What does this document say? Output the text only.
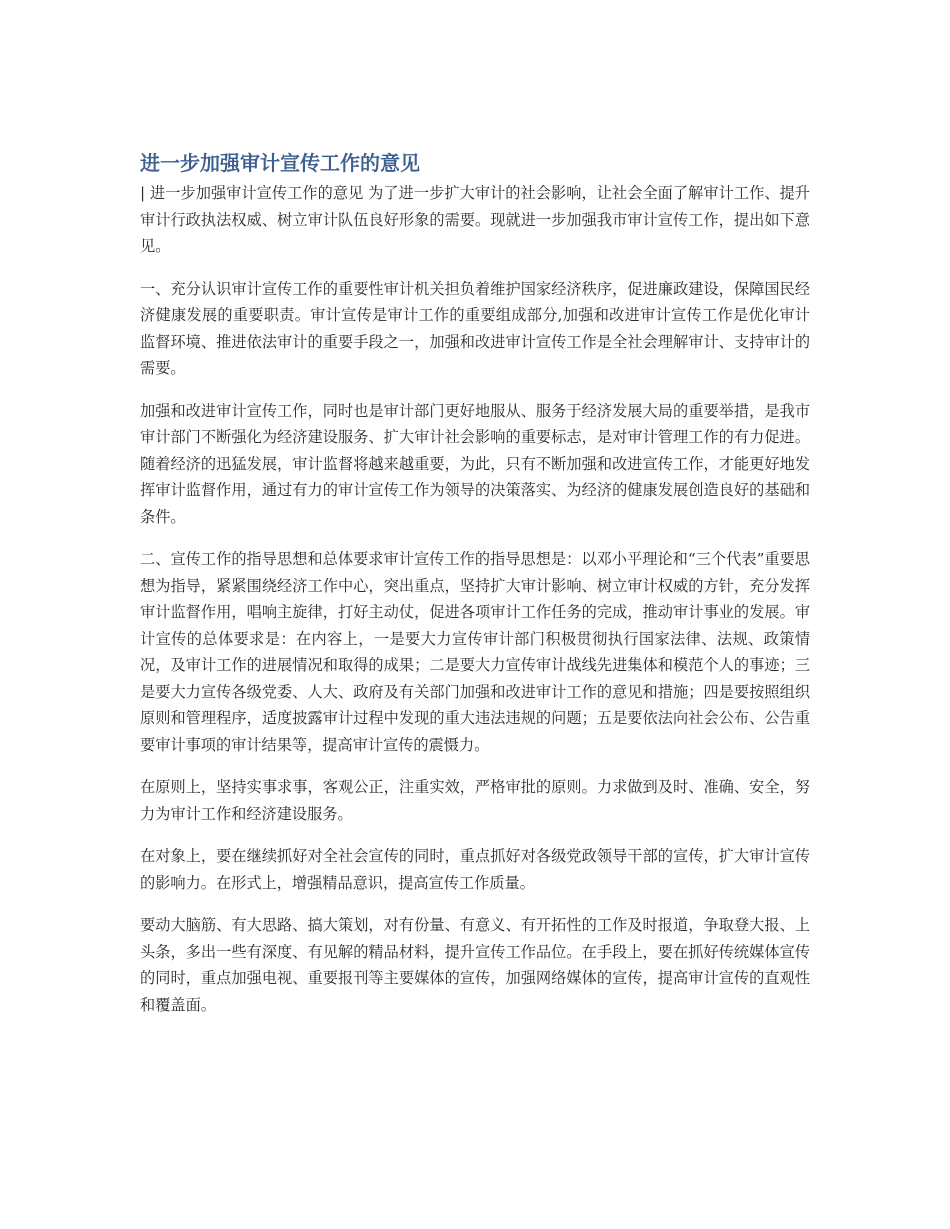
进一步加强审计宣传工作的意见

| 进一步加强审计宣传工作的意见 为了进一步扩大审计的社会影响，让社会全面了解审计工作、提升审计行政执法权威、树立审计队伍良好形象的需要。现就进一步加强我市审计宣传工作，提出如下意见。

一、充分认识审计宣传工作的重要性审计机关担负着维护国家经济秩序，促进廉政建设，保障国民经济健康发展的重要职责。审计宣传是审计工作的重要组成部分,加强和改进审计宣传工作是优化审计监督环境、推进依法审计的重要手段之一，加强和改进审计宣传工作是全社会理解审计、支持审计的需要。

加强和改进审计宣传工作，同时也是审计部门更好地服从、服务于经济发展大局的重要举措，是我市审计部门不断强化为经济建设服务、扩大审计社会影响的重要标志，是对审计管理工作的有力促进。随着经济的迅猛发展，审计监督将越来越重要，为此，只有不断加强和改进宣传工作，才能更好地发挥审计监督作用，通过有力的审计宣传工作为领导的决策落实、为经济的健康发展创造良好的基础和条件。

二、宣传工作的指导思想和总体要求审计宣传工作的指导思想是：以邓小平理论和“三个代表”重要思想为指导，紧紧围绕经济工作中心，突出重点，坚持扩大审计影响、树立审计权威的方针，充分发挥审计监督作用，唱响主旋律，打好主动仗，促进各项审计工作任务的完成，推动审计事业的发展。审计宣传的总体要求是：在内容上，一是要大力宣传审计部门积极贯彻执行国家法律、法规、政策情况，及审计工作的进展情况和取得的成果；二是要大力宣传审计战线先进集体和模范个人的事迹；三是要大力宣传各级党委、人大、政府及有关部门加强和改进审计工作的意见和措施；四是要按照组织原则和管理程序，适度披露审计过程中发现的重大违法违规的问题；五是要依法向社会公布、公告重要审计事项的审计结果等，提高审计宣传的震慑力。

在原则上，坚持实事求事，客观公正，注重实效，严格审批的原则。力求做到及时、准确、安全，努力为审计工作和经济建设服务。

在对象上，要在继续抓好对全社会宣传的同时，重点抓好对各级党政领导干部的宣传，扩大审计宣传的影响力。在形式上，增强精品意识，提高宣传工作质量。

要动大脑筋、有大思路、搞大策划，对有份量、有意义、有开拓性的工作及时报道，争取登大报、上头条，多出一些有深度、有见解的精品材料，提升宣传工作品位。在手段上，要在抓好传统媒体宣传的同时，重点加强电视、重要报刊等主要媒体的宣传，加强网络媒体的宣传，提高审计宣传的直观性和覆盖面。
